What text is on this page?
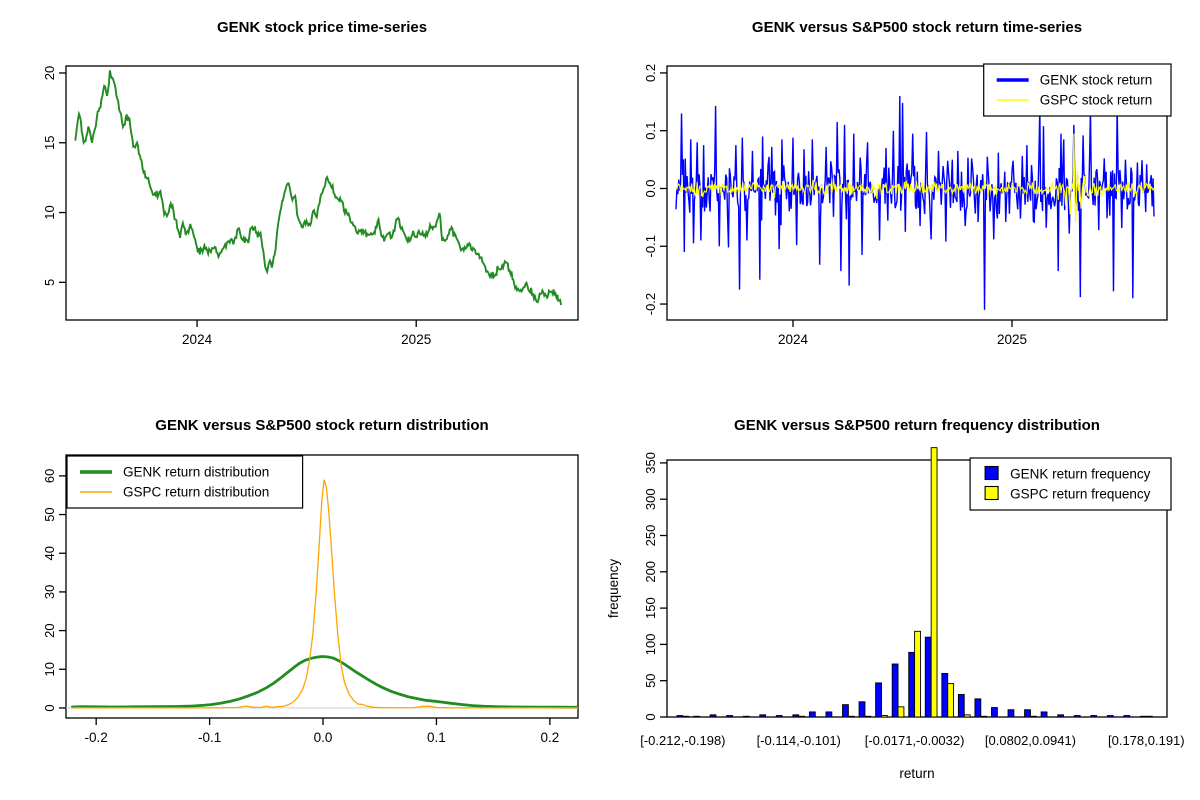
GENK stock price time-series
5
10
15
20
2024	2025
GENK versus S&P500 stock return time-series
-0.2
-0.1
0.0
0.1
0.2
2024	2025
GENK stock return
GSPC stock return
GENK versus S&P500 stock return distribution
0
10
20
30
40
50
60
-0.2	-0.1	0.0	0.1	0.2
GENK return distribution
GSPC return distribution
GENK versus S&P500 return frequency distribution
0
50
100
150
200
250
300
350
frequency
return
[-0.212,-0.198) [-0.114,-0.101) [-0.0171,-0.0032) [0.0802,0.0941) [0.178,0.191)
GENK return frequency
GSPC return frequency
